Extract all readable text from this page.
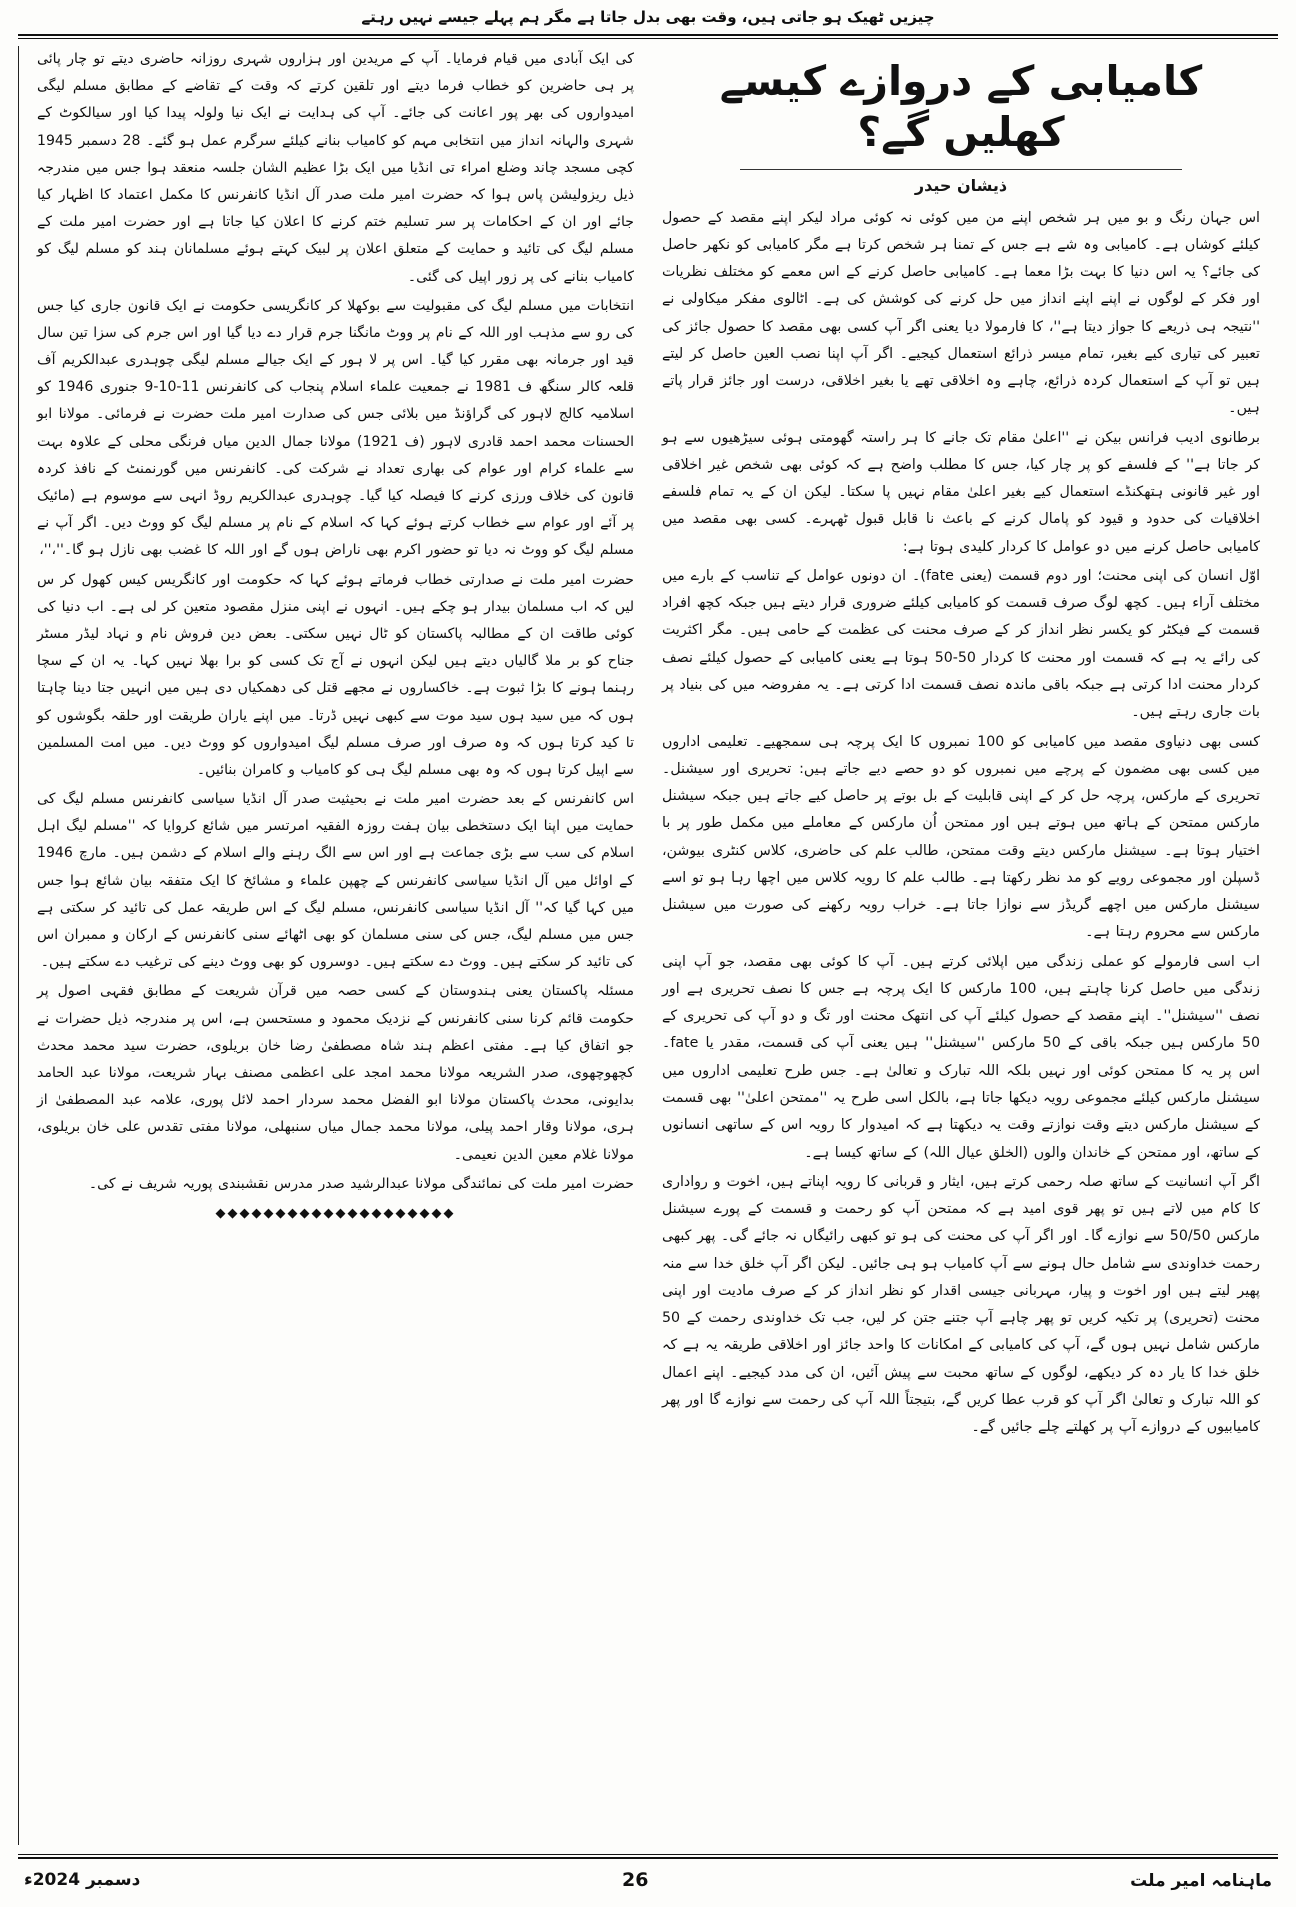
چیزیں ٹھیک ہو جاتی ہیں، وقت بھی بدل جاتا ہے مگر ہم پہلے جیسے نہیں رہتے

کی ایک آبادی میں قیام فرمایا۔ آپ کے مریدین اور ہزاروں شہری روزانہ حاضری دیتے تو چار پائی پر ہی حاضرین کو خطاب فرما دیتے اور تلقین کرتے کہ وقت کے تقاضے کے مطابق مسلم لیگی امیدواروں کی بھر پور اعانت کی جائے۔ آپ کی ہدایت نے ایک نیا ولولہ پیدا کیا اور سیالکوٹ کے شہری والہانہ انداز میں انتخابی مہم کو کامیاب بنانے کیلئے سرگرم عمل ہو گئے۔ 28 دسمبر 1945 کچی مسجد چاند وضلع امراء تی انڈیا میں ایک بڑا عظیم الشان جلسہ منعقد ہوا جس میں مندرجہ ذیل ریزولیشن پاس ہوا کہ حضرت امیر ملت صدر آل انڈیا کانفرنس کا مکمل اعتماد کا اظہار کیا جائے اور ان کے احکامات پر سر تسلیم ختم کرنے کا اعلان کیا جاتا ہے اور حضرت امیر ملت کے مسلم لیگ کی تائید و حمایت کے متعلق اعلان پر لبیک کہتے ہوئے مسلمانان ہند کو مسلم لیگ کو کامیاب بنانے کی پر زور اپیل کی گئی۔

انتخابات میں مسلم لیگ کی مقبولیت سے بوکھلا کر کانگریسی حکومت نے ایک قانون جاری کیا جس کی رو سے مذہب اور اللہ کے نام پر ووٹ مانگنا جرم قرار دے دیا گیا اور اس جرم کی سزا تین سال قید اور جرمانہ بھی مقرر کیا گیا۔ اس پر لا ہور کے ایک جیالے مسلم لیگی چوہدری عبدالکریم آف قلعہ کالر سنگھ ف 1981 نے جمعیت علماء اسلام پنجاب کی کانفرنس 11-10-9 جنوری 1946 کو اسلامیہ کالج لاہور کی گراؤنڈ میں بلائی جس کی صدارت امیر ملت حضرت نے فرمائی۔ مولانا ابو الحسنات محمد احمد قادری لاہور (ف 1921) مولانا جمال الدین میاں فرنگی محلی کے علاوہ بہت سے علماء کرام اور عوام کی بھاری تعداد نے شرکت کی۔ کانفرنس میں گورنمنٹ کے نافذ کردہ قانون کی خلاف ورزی کرنے کا فیصلہ کیا گیا۔ چوہدری عبدالکریم روڈ انہی سے موسوم ہے (مائیک پر آئے اور عوام سے خطاب کرتے ہوئے کہا کہ اسلام کے نام پر مسلم لیگ کو ووٹ دیں۔ اگر آپ نے مسلم لیگ کو ووٹ نہ دیا تو حضور اکرم بھی ناراض ہوں گے اور اللہ کا غضب بھی نازل ہو گا۔''،''،

حضرت امیر ملت نے صدارتی خطاب فرماتے ہوئے کہا کہ حکومت اور کانگریس کیس کھول کر س لیں کہ اب مسلمان بیدار ہو چکے ہیں۔ انہوں نے اپنی منزل مقصود متعین کر لی ہے۔ اب دنیا کی کوئی طاقت ان کے مطالبہ پاکستان کو ٹال نہیں سکتی۔ بعض دین فروش نام و نہاد لیڈر مسٹر جناح کو بر ملا گالیاں دیتے ہیں لیکن انہوں نے آج تک کسی کو برا بھلا نہیں کہا۔ یہ ان کے سچا رہنما ہونے کا بڑا ثبوت ہے۔ خاکساروں نے مجھے قتل کی دھمکیاں دی ہیں میں انہیں جتا دینا چاہتا ہوں کہ میں سید ہوں سید موت سے کبھی نہیں ڈرتا۔ میں اپنے یاران طریقت اور حلقہ بگوشوں کو تا کید کرتا ہوں کہ وہ صرف اور صرف مسلم لیگ امیدواروں کو ووٹ دیں۔ میں امت المسلمین سے اپیل کرتا ہوں کہ وہ بھی مسلم لیگ ہی کو کامیاب و کامران بنائیں۔

اس کانفرنس کے بعد حضرت امیر ملت نے بحیثیت صدر آل انڈیا سیاسی کانفرنس مسلم لیگ کی حمایت میں اپنا ایک دستخطی بیان ہفت روزہ الفقیہ امرتسر میں شائع کروایا کہ ''مسلم لیگ اہل اسلام کی سب سے بڑی جماعت ہے اور اس سے الگ رہنے والے اسلام کے دشمن ہیں۔ مارچ 1946 کے اوائل میں آل انڈیا سیاسی کانفرنس کے چھپن علماء و مشائخ کا ایک متفقہ بیان شائع ہوا جس میں کہا گیا کہ'' آل انڈیا سیاسی کانفرنس، مسلم لیگ کے اس طریقہ عمل کی تائید کر سکتی ہے جس میں مسلم لیگ، جس کی سنی مسلمان کو بھی اٹھائے سنی کانفرنس کے ارکان و ممبران اس کی تائید کر سکتے ہیں۔ ووٹ دے سکتے ہیں۔ دوسروں کو بھی ووٹ دینے کی ترغیب دے سکتے ہیں۔

مسئلہ پاکستان یعنی ہندوستان کے کسی حصہ میں قرآن شریعت کے مطابق فقہی اصول پر حکومت قائم کرنا سنی کانفرنس کے نزدیک محمود و مستحسن ہے، اس پر مندرجہ ذیل حضرات نے جو اتفاق کیا ہے۔ مفتی اعظم ہند شاہ مصطفیٰ رضا خان بریلوی، حضرت سید محمد محدث کچھوچھوی، صدر الشریعہ مولانا محمد امجد علی اعظمی مصنف بہار شریعت، مولانا عبد الحامد بدایونی، محدث پاکستان مولانا ابو الفضل محمد سردار احمد لائل پوری، علامہ عبد المصطفیٰ از ہری، مولانا وقار احمد پیلی، مولانا محمد جمال میاں سنبھلی، مولانا مفتی تقدس علی خان بریلوی، مولانا غلام معین الدین نعیمی۔

حضرت امیر ملت کی نمائندگی مولانا عبدالرشید صدر مدرس نقشبندی پوریہ شریف نے کی۔

◆◆◆◆◆◆◆◆◆◆◆◆◆◆◆◆◆◆◆◆
کامیابی کے دروازے کیسے کھلیں گے؟
ذیشان حیدر

اس جہان رنگ و بو میں ہر شخص اپنے من میں کوئی نہ کوئی مراد لیکر اپنے مقصد کے حصول کیلئے کوشاں ہے۔ کامیابی وہ شے ہے جس کے تمنا ہر شخص کرتا ہے مگر کامیابی کو نکھر حاصل کی جائے؟ یہ اس دنیا کا بہت بڑا معما ہے۔ کامیابی حاصل کرنے کے اس معمے کو مختلف نظریات اور فکر کے لوگوں نے اپنے اپنے انداز میں حل کرنے کی کوشش کی ہے۔ اٹالوی مفکر میکاولی نے ''نتیجہ ہی ذریعے کا جواز دیتا ہے''، کا فارمولا دیا یعنی اگر آپ کسی بھی مقصد کا حصول جائز کی تعبیر کی تیاری کیے بغیر، تمام میسر ذرائع استعمال کیجیے۔ اگر آپ اپنا نصب العین حاصل کر لیتے ہیں تو آپ کے استعمال کردہ ذرائع، چاہے وہ اخلاقی تھے یا بغیر اخلاقی، درست اور جائز قرار پاتے ہیں۔

برطانوی ادیب فرانس بیکن نے ''اعلیٰ مقام تک جانے کا ہر راستہ گھومتی ہوئی سیڑھیوں سے ہو کر جاتا ہے'' کے فلسفے کو پر چار کیا، جس کا مطلب واضح ہے کہ کوئی بھی شخص غیر اخلاقی اور غیر قانونی ہتھکنڈے استعمال کیے بغیر اعلیٰ مقام نہیں پا سکتا۔ لیکن ان کے یہ تمام فلسفے اخلاقیات کی حدود و قیود کو پامال کرنے کے باعث نا قابل قبول ٹھہرے۔ کسی بھی مقصد میں کامیابی حاصل کرنے میں دو عوامل کا کردار کلیدی ہوتا ہے:

اوّل انسان کی اپنی محنت؛ اور دوم قسمت (یعنی fate)۔ ان دونوں عوامل کے تناسب کے بارے میں مختلف آراء ہیں۔ کچھ لوگ صرف قسمت کو کامیابی کیلئے ضروری قرار دیتے ہیں جبکہ کچھ افراد قسمت کے فیکٹر کو یکسر نظر انداز کر کے صرف محنت کی عظمت کے حامی ہیں۔ مگر اکثریت کی رائے یہ ہے کہ قسمت اور محنت کا کردار 50-50 ہوتا ہے یعنی کامیابی کے حصول کیلئے نصف کردار محنت ادا کرتی ہے جبکہ باقی ماندہ نصف قسمت ادا کرتی ہے۔ یہ مفروضہ میں کی بنیاد پر بات جاری رہتے ہیں۔

کسی بھی دنیاوی مقصد میں کامیابی کو 100 نمبروں کا ایک پرچہ ہی سمجھیے۔ تعلیمی اداروں میں کسی بھی مضمون کے پرچے میں نمبروں کو دو حصے دیے جاتے ہیں: تحریری اور سیشنل۔ تحریری کے مارکس، پرچہ حل کر کے اپنی قابلیت کے بل بوتے پر حاصل کیے جاتے ہیں جبکہ سیشنل مارکس ممتحن کے ہاتھ میں ہوتے ہیں اور ممتحن اُن مارکس کے معاملے میں مکمل طور پر با اختیار ہوتا ہے۔ سیشنل مارکس دیتے وقت ممتحن، طالب علم کی حاضری، کلاس کنٹری بیوشن، ڈسپلن اور مجموعی رویے کو مد نظر رکھتا ہے۔ طالب علم کا رویہ کلاس میں اچھا رہا ہو تو اسے سیشنل مارکس میں اچھے گریڈز سے نوازا جاتا ہے۔ خراب رویہ رکھنے کی صورت میں سیشنل مارکس سے محروم رہتا ہے۔

اب اسی فارمولے کو عملی زندگی میں اپلائی کرتے ہیں۔ آپ کا کوئی بھی مقصد، جو آپ اپنی زندگی میں حاصل کرنا چاہتے ہیں، 100 مارکس کا ایک پرچہ ہے جس کا نصف تحریری ہے اور نصف ''سیشنل''۔ اپنے مقصد کے حصول کیلئے آپ کی انتھک محنت اور تگ و دو آپ کی تحریری کے 50 مارکس ہیں جبکہ باقی کے 50 مارکس ''سیشنل'' ہیں یعنی آپ کی قسمت، مقدر یا fate۔ اس پر یہ کا ممتحن کوئی اور نہیں بلکہ اللہ تبارک و تعالیٰ ہے۔ جس طرح تعلیمی اداروں میں سیشنل مارکس کیلئے مجموعی رویہ دیکھا جاتا ہے، بالکل اسی طرح یہ ''ممتحن اعلیٰ'' بھی قسمت کے سیشنل مارکس دیتے وقت نوازتے وقت یہ دیکھتا ہے کہ امیدوار کا رویہ اس کے ساتھی انسانوں کے ساتھ، اور ممتحن کے خاندان والوں (الخلق عیال اللہ) کے ساتھ کیسا ہے۔

اگر آپ انسانیت کے ساتھ صلہ رحمی کرتے ہیں، ایثار و قربانی کا رویہ اپناتے ہیں، اخوت و رواداری کا کام میں لاتے ہیں تو پھر قوی امید ہے کہ ممتحن آپ کو رحمت و قسمت کے پورے سیشنل مارکس 50/50 سے نوازے گا۔ اور اگر آپ کی محنت کی ہو تو کبھی رائیگاں نہ جائے گی۔ پھر کبھی رحمت خداوندی سے شامل حال ہونے سے آپ کامیاب ہو ہی جائیں۔ لیکن اگر آپ خلق خدا سے منہ پھیر لیتے ہیں اور اخوت و پیار، مہربانی جیسی اقدار کو نظر انداز کر کے صرف مادیت اور اپنی محنت (تحریری) پر تکیہ کریں تو پھر چاہے آپ جتنے جتن کر لیں، جب تک خداوندی رحمت کے 50 مارکس شامل نہیں ہوں گے، آپ کی کامیابی کے امکانات کا واحد جائز اور اخلاقی طریقہ یہ ہے کہ خلق خدا کا یار دہ کر دیکھے، لوگوں کے ساتھ محبت سے پیش آئیں، ان کی مدد کیجیے۔ اپنے اعمال کو اللہ تبارک و تعالیٰ اگر آپ کو قرب عطا کریں گے، بتیجتاً اللہ آپ کی رحمت سے نوازے گا اور پھر کامیابیوں کے دروازے آپ پر کھلتے چلے جائیں گے۔

ماہنامہ امیر ملت
26
دسمبر 2024ء
